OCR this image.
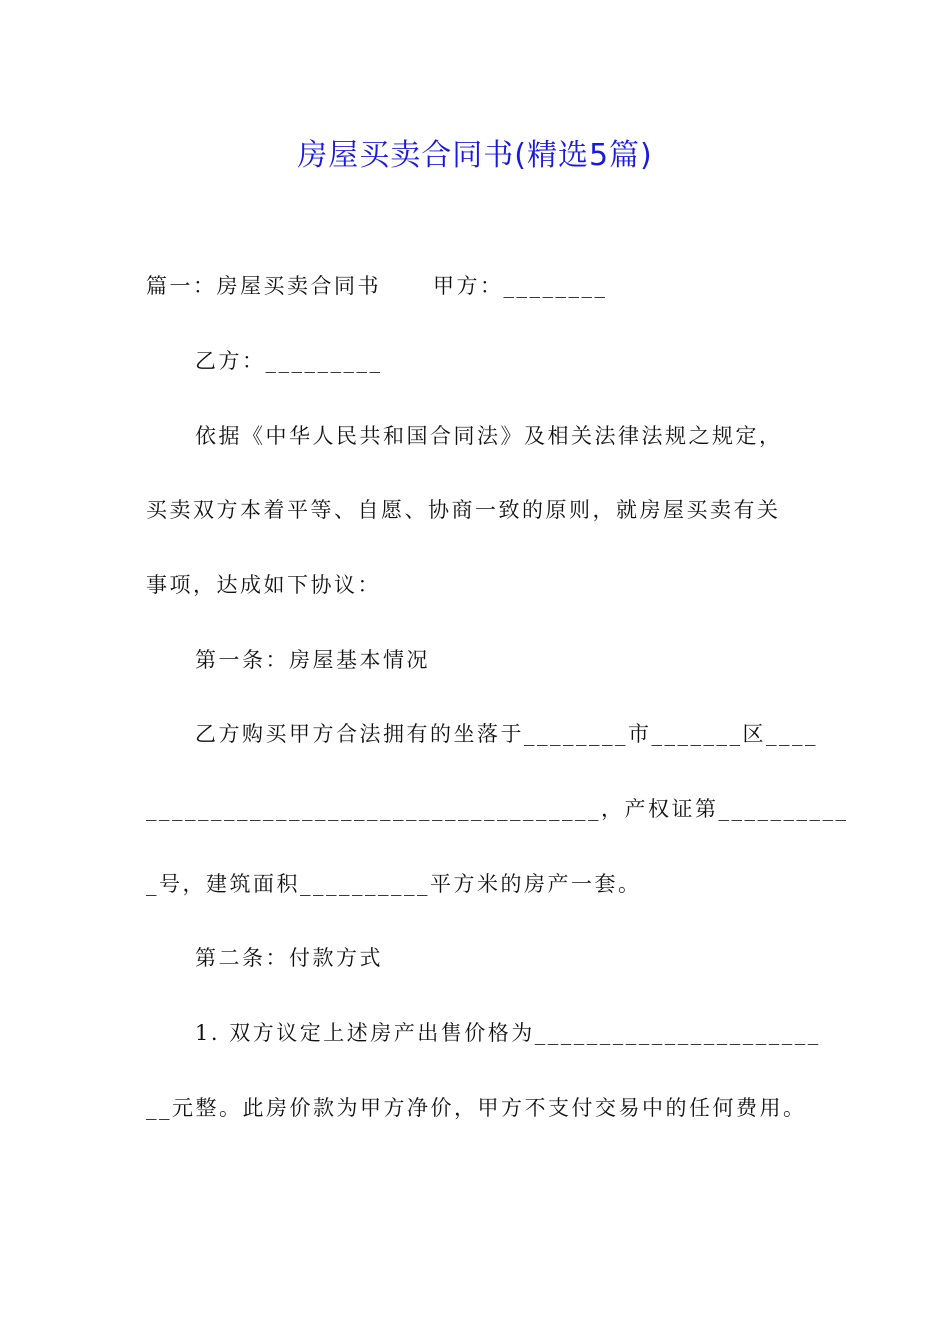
房屋买卖合同书(精选5篇)
篇一：房屋买卖合同书 甲方：________
乙方：_________
依据《中华人民共和国合同法》及相关法律法规之规定，
买卖双方本着平等、自愿、协商一致的原则，就房屋买卖有关
事项，达成如下协议：
第一条：房屋基本情况
乙方购买甲方合法拥有的坐落于________市_______区____
___________________________________，产权证第__________
_号，建筑面积__________平方米的房产一套。
第二条：付款方式
1. 双方议定上述房产出售价格为______________________
__元整。此房价款为甲方净价，甲方不支付交易中的任何费用。
